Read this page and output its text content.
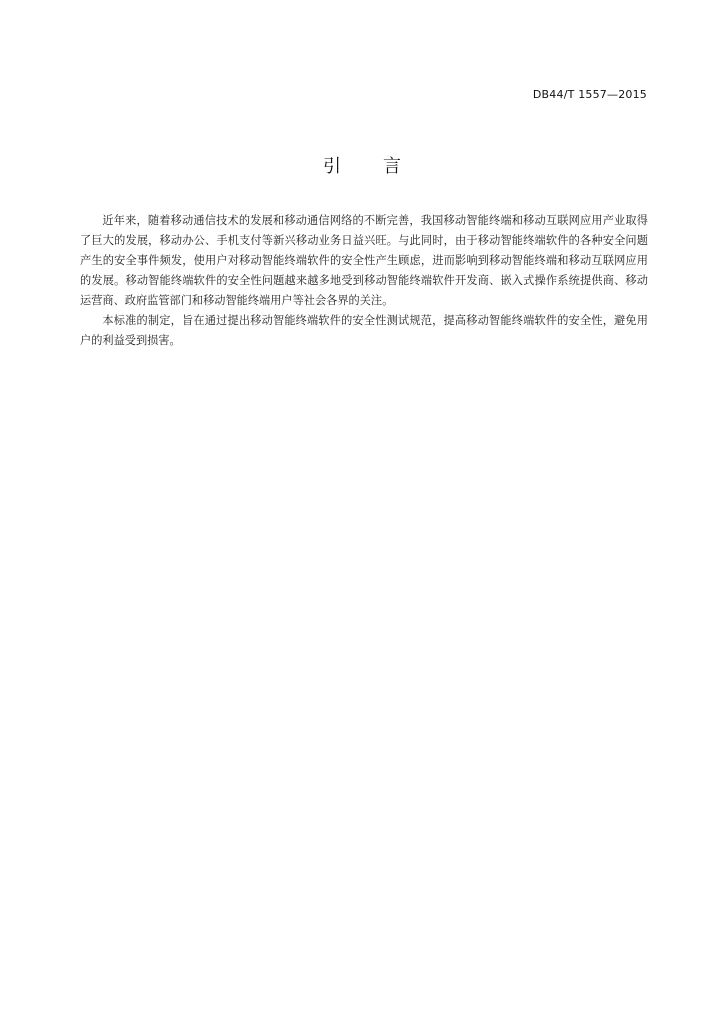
DB44/T 1557—2015
引 言

近年来，随着移动通信技术的发展和移动通信网络的不断完善，我国移动智能终端和移动互联网应用产业取得了巨大的发展，移动办公、手机支付等新兴移动业务日益兴旺。与此同时，由于移动智能终端软件的各种安全问题产生的安全事件频发，使用户对移动智能终端软件的安全性产生顾虑，进而影响到移动智能终端和移动互联网应用的发展。移动智能终端软件的安全性问题越来越多地受到移动智能终端软件开发商、嵌入式操作系统提供商、移动运营商、政府监管部门和移动智能终端用户等社会各界的关注。

本标准的制定，旨在通过提出移动智能终端软件的安全性测试规范，提高移动智能终端软件的安全性，避免用户的利益受到损害。
